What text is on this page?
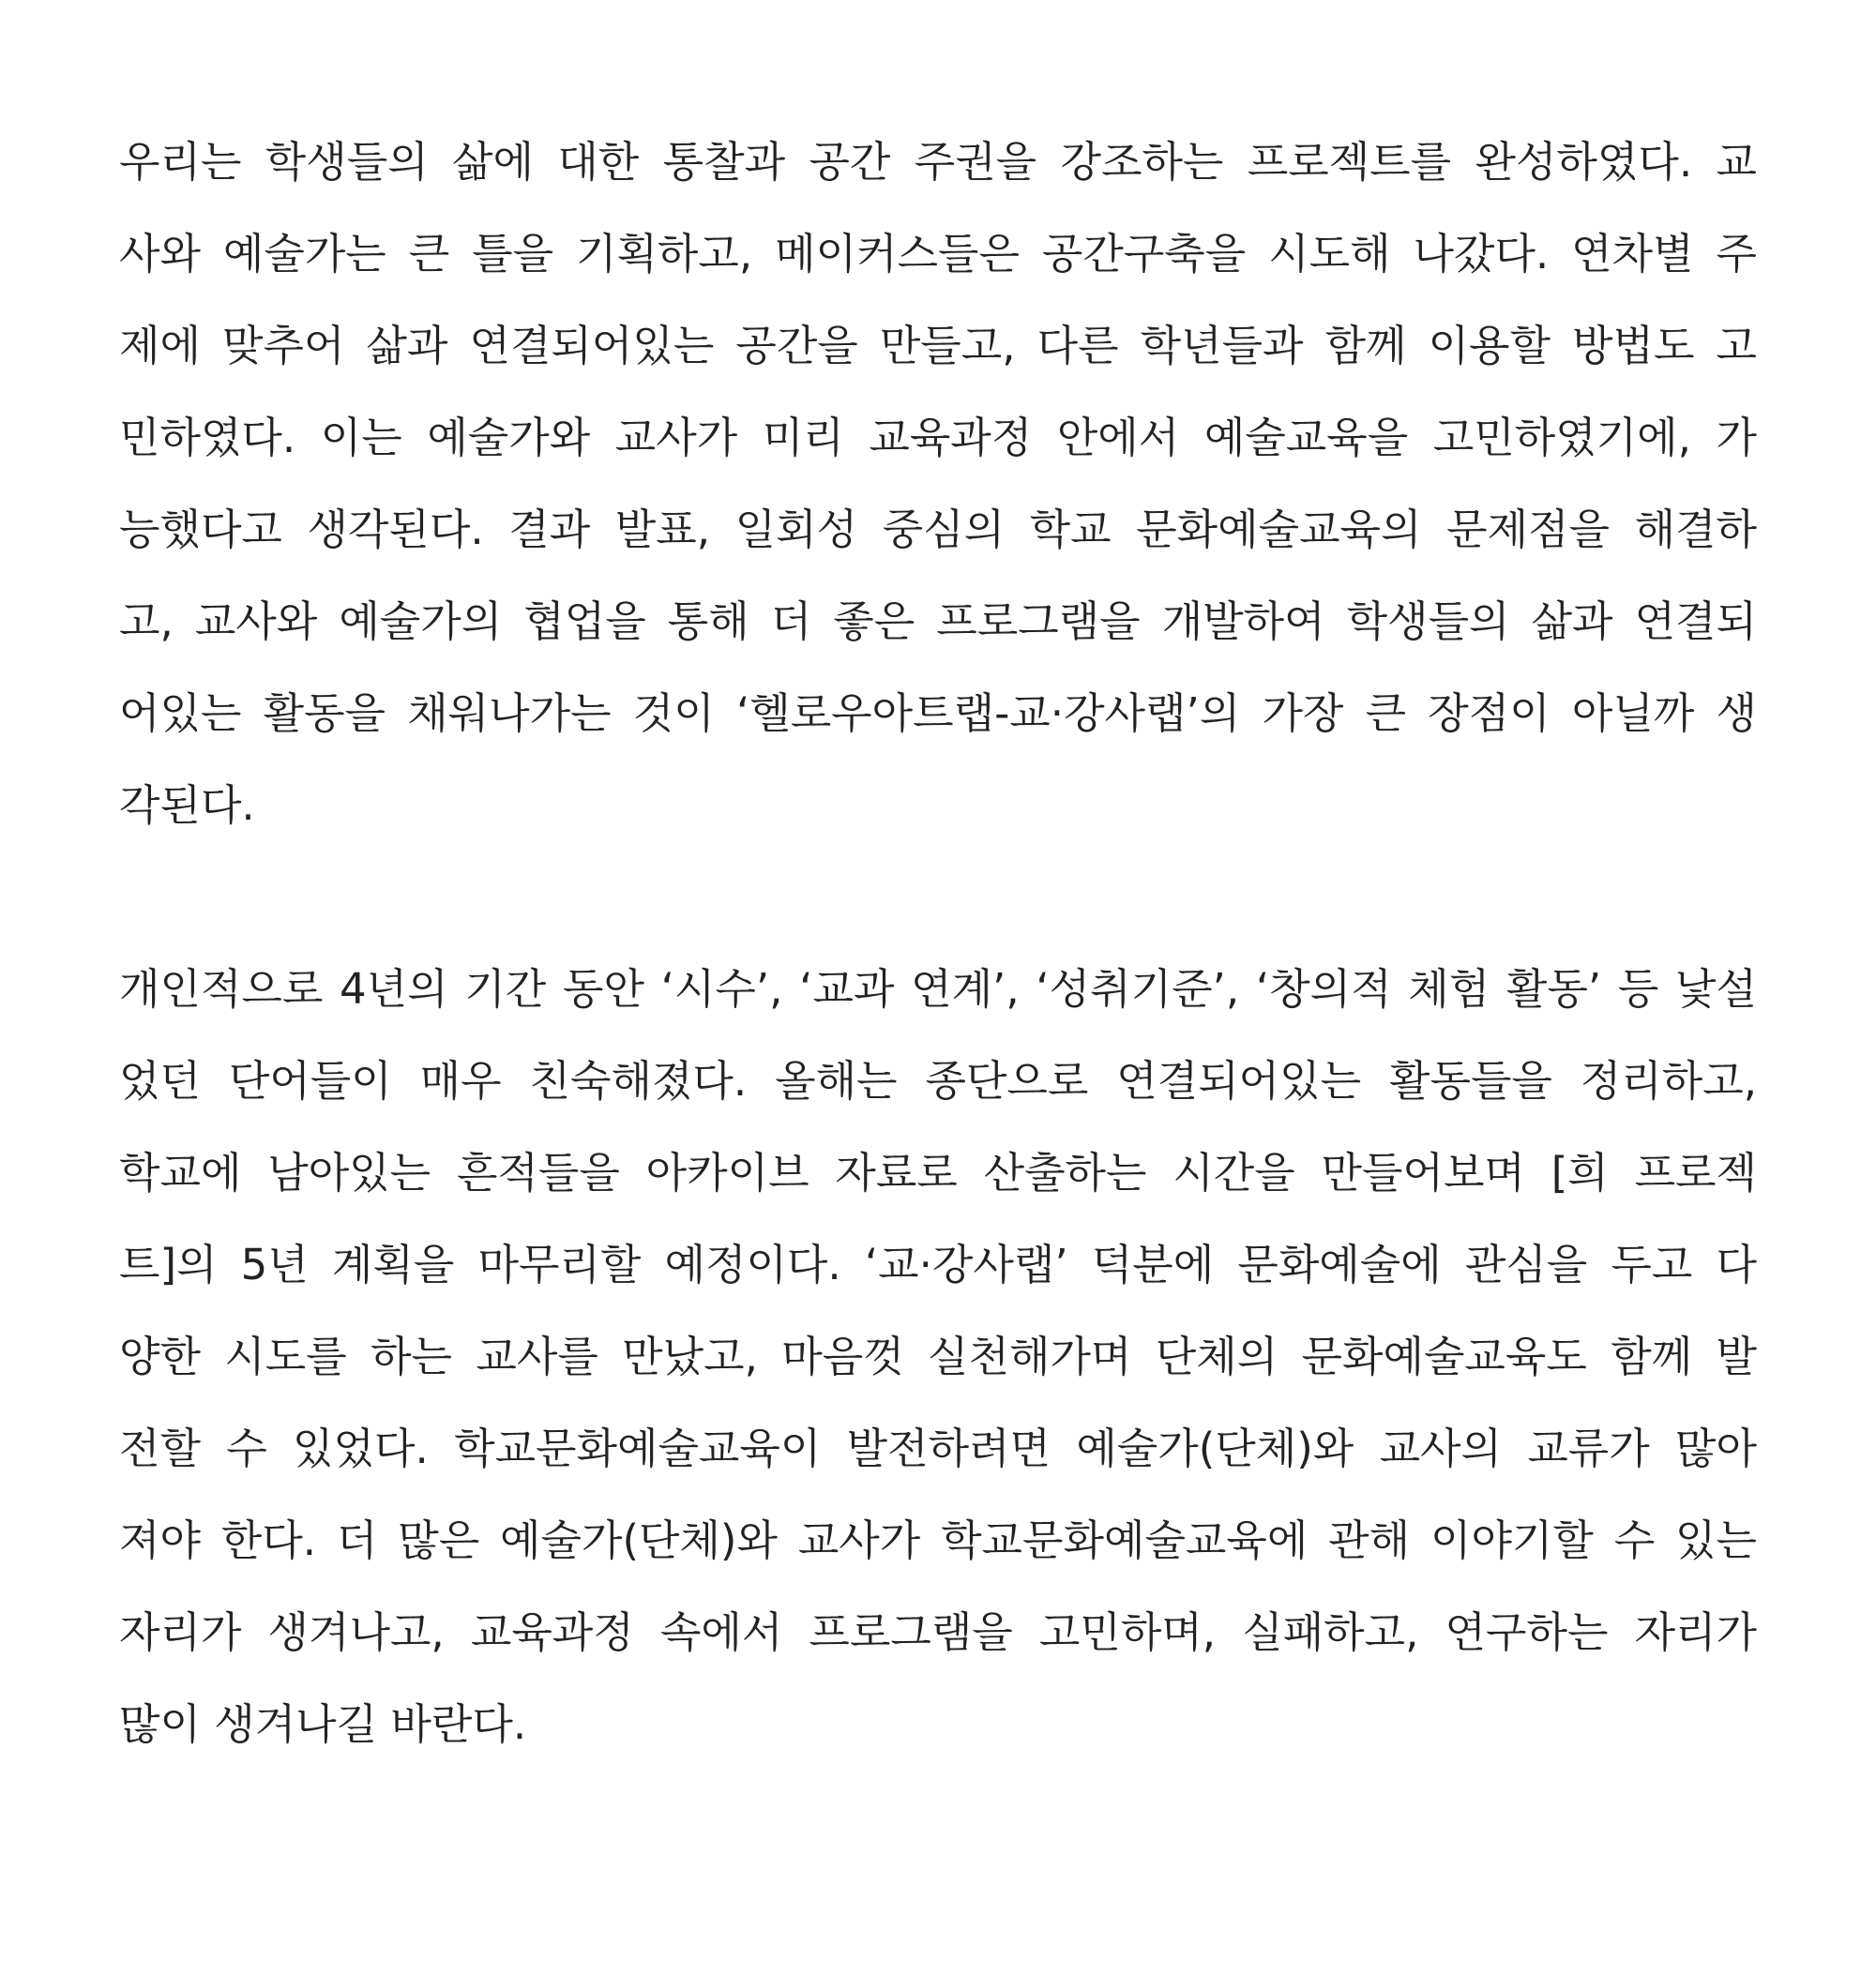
우리는 학생들의 삶에 대한 통찰과 공간 주권을 강조하는 프로젝트를 완성하였다. 교
사와 예술가는 큰 틀을 기획하고, 메이커스들은 공간구축을 시도해 나갔다. 연차별 주
제에 맞추어 삶과 연결되어있는 공간을 만들고, 다른 학년들과 함께 이용할 방법도 고
민하였다. 이는 예술가와 교사가 미리 교육과정 안에서 예술교육을 고민하였기에, 가
능했다고 생각된다. 결과 발표, 일회성 중심의 학교 문화예술교육의 문제점을 해결하
고, 교사와 예술가의 협업을 통해 더 좋은 프로그램을 개발하여 학생들의 삶과 연결되
어있는 활동을 채워나가는 것이 ‘헬로우아트랩-교·강사랩’의 가장 큰 장점이 아닐까 생
각된다.
개인적으로 4년의 기간 동안 ‘시수’, ‘교과 연계’, ‘성취기준’, ‘창의적 체험 활동’ 등 낯설
었던 단어들이 매우 친숙해졌다. 올해는 종단으로 연결되어있는 활동들을 정리하고,
학교에 남아있는 흔적들을 아카이브 자료로 산출하는 시간을 만들어보며 [희 프로젝
트]의 5년 계획을 마무리할 예정이다. ‘교·강사랩’ 덕분에 문화예술에 관심을 두고 다
양한 시도를 하는 교사를 만났고, 마음껏 실천해가며 단체의 문화예술교육도 함께 발
전할 수 있었다. 학교문화예술교육이 발전하려면 예술가(단체)와 교사의 교류가 많아
져야 한다. 더 많은 예술가(단체)와 교사가 학교문화예술교육에 관해 이야기할 수 있는
자리가 생겨나고, 교육과정 속에서 프로그램을 고민하며, 실패하고, 연구하는 자리가
많이 생겨나길 바란다.
